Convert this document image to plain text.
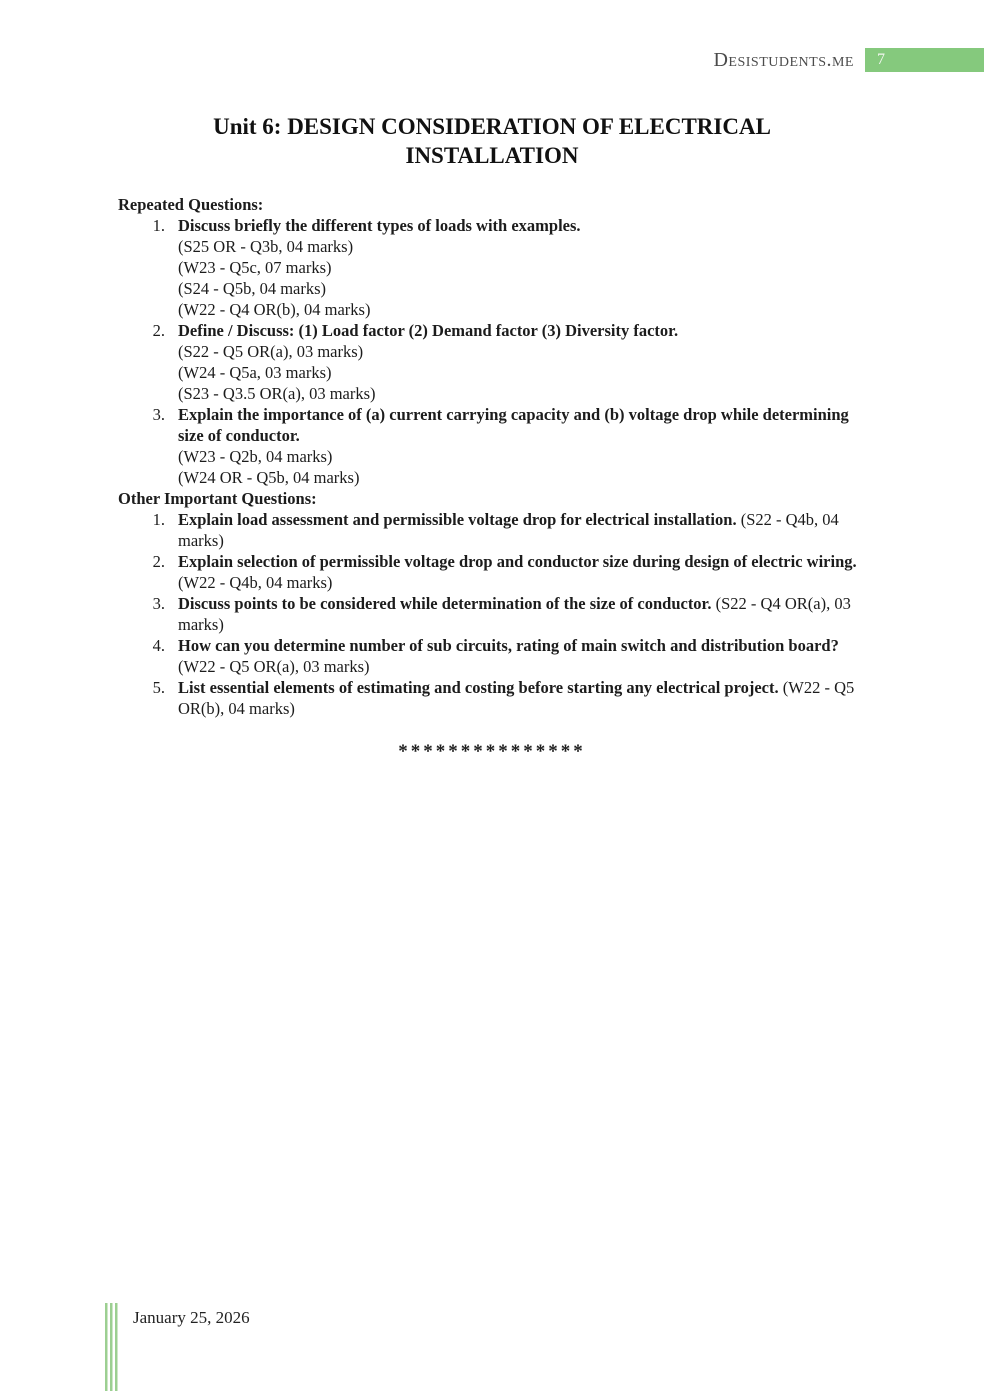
Desistudents.me	7
Unit 6: DESIGN CONSIDERATION OF ELECTRICAL
INSTALLATION
Repeated Questions:
1. Discuss briefly the different types of loads with examples.
(S25 OR - Q3b, 04 marks)
(W23 - Q5c, 07 marks)
(S24 - Q5b, 04 marks)
(W22 - Q4 OR(b), 04 marks)
2. Define / Discuss: (1) Load factor (2) Demand factor (3) Diversity factor.
(S22 - Q5 OR(a), 03 marks)
(W24 - Q5a, 03 marks)
(S23 - Q3.5 OR(a), 03 marks)
3. Explain the importance of (a) current carrying capacity and (b) voltage drop while determining size of conductor.
(W23 - Q2b, 04 marks)
(W24 OR - Q5b, 04 marks)
Other Important Questions:
1. Explain load assessment and permissible voltage drop for electrical installation. (S22 - Q4b, 04 marks)
2. Explain selection of permissible voltage drop and conductor size during design of electric wiring. (W22 - Q4b, 04 marks)
3. Discuss points to be considered while determination of the size of conductor. (S22 - Q4 OR(a), 03 marks)
4. How can you determine number of sub circuits, rating of main switch and distribution board? (W22 - Q5 OR(a), 03 marks)
5. List essential elements of estimating and costing before starting any electrical project. (W22 - Q5 OR(b), 04 marks)
***************
January 25, 2026
